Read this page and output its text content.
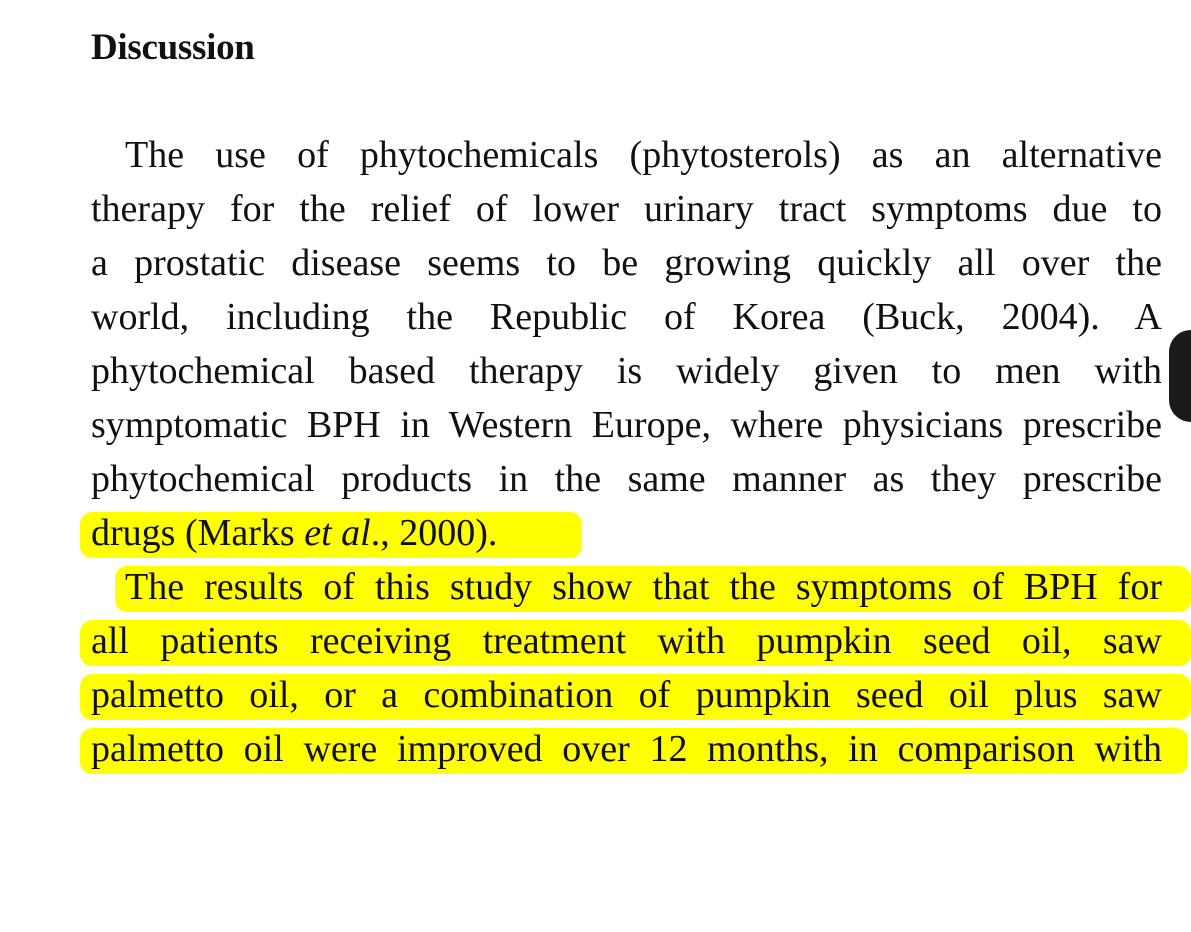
Discussion
The use of phytochemicals (phytosterols) as an alternative
therapy for the relief of lower urinary tract symptoms due to
a prostatic disease seems to be growing quickly all over the
world, including the Republic of Korea (Buck, 2004). A
phytochemical based therapy is widely given to men with
symptomatic BPH in Western Europe, where physicians prescribe
phytochemical products in the same manner as they prescribe
drugs (Marks et al., 2000).
The results of this study show that the symptoms of BPH for
all patients receiving treatment with pumpkin seed oil, saw
palmetto oil, or a combination of pumpkin seed oil plus saw
palmetto oil were improved over 12 months, in comparison with
